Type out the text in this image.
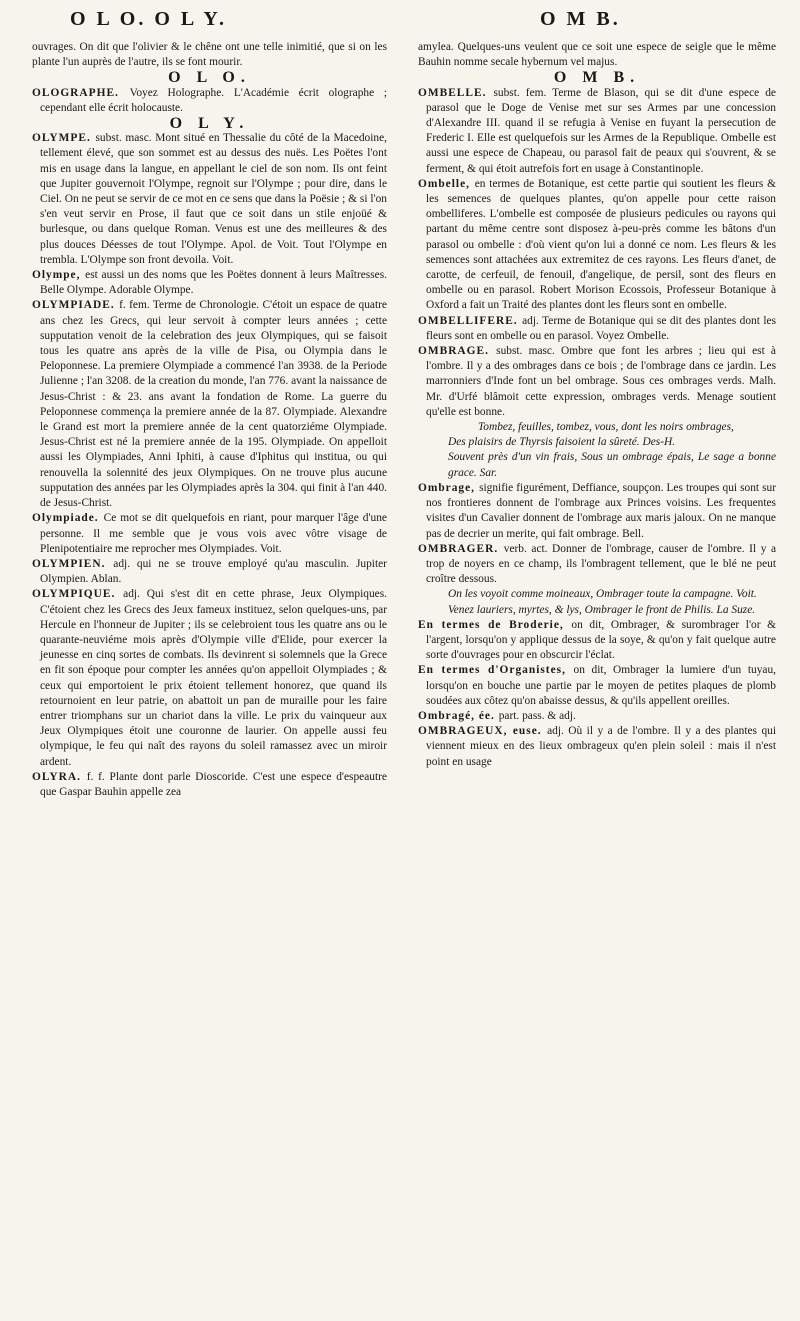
O L O. O L Y.	O M B.

ouvrages. On dit que l'olivier & le chêne ont une telle inimitié, que si on les plante l'un auprès de l'autre, ils se font mourir.

O L O.

OLOGRAPHE. Voyez Holographe. L'Académie écrit olographe ; cependant elle écrit holocauste.

O L Y.

OLYMPE. subst. masc. Mont situé en Thessalie du côté de la Macedoine, tellement élevé, que son sommet est au dessus des nuës. Les Poëtes l'ont mis en usage dans la langue, en appellant le ciel de son nom. Ils ont feint que Jupiter gouvernoit l'Olympe, regnoit sur l'Olympe ; pour dire, dans le Ciel. On ne peut se servir de ce mot en ce sens que dans la Poësie ; & si l'on s'en veut servir en Prose, il faut que ce soit dans un stile enjoüé & burlesque, ou dans quelque Roman. Venus est une des meilleures & des plus douces Déesses de tout l'Olympe. Apol. de Voit. Tout l'Olympe en trembla. L'Olympe son front devoila. Voit.

Olympe, est aussi un des noms que les Poëtes donnent à leurs Maîtresses. Belle Olympe. Adorable Olympe.

OLYMPIADE. f. fem. Terme de Chronologie. C'étoit un espace de quatre ans chez les Grecs, qui leur servoit à compter leurs années ; cette supputation venoit de la celebration des jeux Olympiques, qui se faisoit tous les quatre ans après de la ville de Pisa, ou Olympia dans le Peloponnese. La premiere Olympiade a commencé l'an 3938. de la Periode Julienne ; l'an 3208. de la creation du monde, l'an 776. avant la naissance de Jesus-Christ : & 23. ans avant la fondation de Rome. La guerre du Peloponnese commença la premiere année de la 87. Olympiade. Alexandre le Grand est mort la premiere année de la cent quatorziéme Olympiade. Jesus-Christ est né la premiere année de la 195. Olympiade. On appelloit aussi les Olympiades, Anni Iphiti, à cause d'Iphitus qui institua, ou qui renouvella la solennité des jeux Olympiques. On ne trouve plus aucune supputation des années par les Olympiades après la 304. qui finit à l'an 440. de Jesus-Christ.

Olympiade. Ce mot se dit quelquefois en riant, pour marquer l'âge d'une personne. Il me semble que je vous vois avec vôtre visage de Plenipotentiaire me reprocher mes Olympiades. Voit.

OLYMPIEN. adj. qui ne se trouve employé qu'au masculin. Jupiter Olympien. Ablan.

OLYMPIQUE. adj. Qui s'est dit en cette phrase, Jeux Olympiques. C'étoient chez les Grecs des Jeux fameux instituez, selon quelques-uns, par Hercule en l'honneur de Jupiter ; ils se celebroient tous les quatre ans ou le quarante-neuviéme mois après d'Olympie ville d'Elide, pour exercer la jeunesse en cinq sortes de combats. Ils devinrent si solemnels que la Grece en fit son époque pour compter les années qu'on appelloit Olympiades ; & ceux qui emportoient le prix étoient tellement honorez, que quand ils retournoient en leur patrie, on abattoit un pan de muraille pour les faire entrer triomphans sur un chariot dans la ville. Le prix du vainqueur aux Jeux Olympiques étoit une couronne de laurier. On appelle aussi feu olympique, le feu qui naît des rayons du soleil ramassez avec un miroir ardent.

OLYRA. f. f. Plante dont parle Dioscoride. C'est une espece d'espeautre que Gaspar Bauhin appelle zea

amylea. Quelques-uns veulent que ce soit une espece de seigle que le même Bauhin nomme secale hybernum vel majus.

O M B.

OMBELLE. subst. fem. Terme de Blason, qui se dit d'une espece de parasol que le Doge de Venise met sur ses Armes par une concession d'Alexandre III. quand il se refugia à Venise en fuyant la persecution de Frederic I. Elle est quelquefois sur les Armes de la Republique. Ombelle est aussi une espece de Chapeau, ou parasol fait de peaux qui s'ouvrent, & se ferment, & qui étoit autrefois fort en usage à Constantinople.

Ombelle, en termes de Botanique, est cette partie qui soutient les fleurs & les semences de quelques plantes, qu'on appelle pour cette raison ombelliferes. L'ombelle est composée de plusieurs pedicules ou rayons qui partant du même centre sont disposez à-peu-près comme les bâtons d'un parasol ou ombelle : d'où vient qu'on lui a donné ce nom. Les fleurs & les semences sont attachées aux extremitez de ces rayons. Les fleurs d'anet, de carotte, de cerfeuil, de fenouil, d'angelique, de persil, sont des fleurs en ombelle ou en parasol. Robert Morison Ecossois, Professeur Botanique à Oxford a fait un Traité des plantes dont les fleurs sont en ombelle.

OMBELLIFERE. adj. Terme de Botanique qui se dit des plantes dont les fleurs sont en ombelle ou en parasol. Voyez Ombelle.

OMBRAGE. subst. masc. Ombre que font les arbres ; lieu qui est à l'ombre. Il y a des ombrages dans ce bois ; de l'ombrage dans ce jardin. Les marronniers d'Inde font un bel ombrage. Sous ces ombrages verds. Malh. Mr. d'Urfé blâmoit cette expression, ombrages verds. Menage soutient qu'elle est bonne.

Tombez, feuilles, tombez, vous, dont les noirs ombrages,

Des plaisirs de Thyrsis faisoient la sûreté. Des-H.

Souvent près d'un vin frais, Sous un ombrage épais, Le sage a bonne grace. Sar.

Ombrage, signifie figurément, Deffiance, soupçon. Les troupes qui sont sur nos frontieres donnent de l'ombrage aux Princes voisins. Les frequentes visites d'un Cavalier donnent de l'ombrage aux maris jaloux. On ne manque pas de decrier un merite, qui fait ombrage. Bell.

OMBRAGER. verb. act. Donner de l'ombrage, causer de l'ombre. Il y a trop de noyers en ce champ, ils l'ombragent tellement, que le blé ne peut croître dessous.

On les voyoit comme moineaux, Ombrager toute la campagne. Voit.

Venez lauriers, myrtes, & lys, Ombrager le front de Philis. La Suze.

En termes de Broderie, on dit, Ombrager, & surombrager l'or & l'argent, lorsqu'on y applique dessus de la soye, & qu'on y fait quelque autre sorte d'ouvrages pour en obscurcir l'éclat.

En termes d'Organistes, on dit, Ombrager la lumiere d'un tuyau, lorsqu'on en bouche une partie par le moyen de petites plaques de plomb soudées aux côtez qu'on abaisse dessus, & qu'ils appellent oreilles.

Ombragé, ée. part. pass. & adj.

OMBRAGEUX, euse. adj. Où il y a de l'ombre. Il y a des plantes qui viennent mieux en des lieux ombrageux qu'en plein soleil : mais il n'est point en usage
